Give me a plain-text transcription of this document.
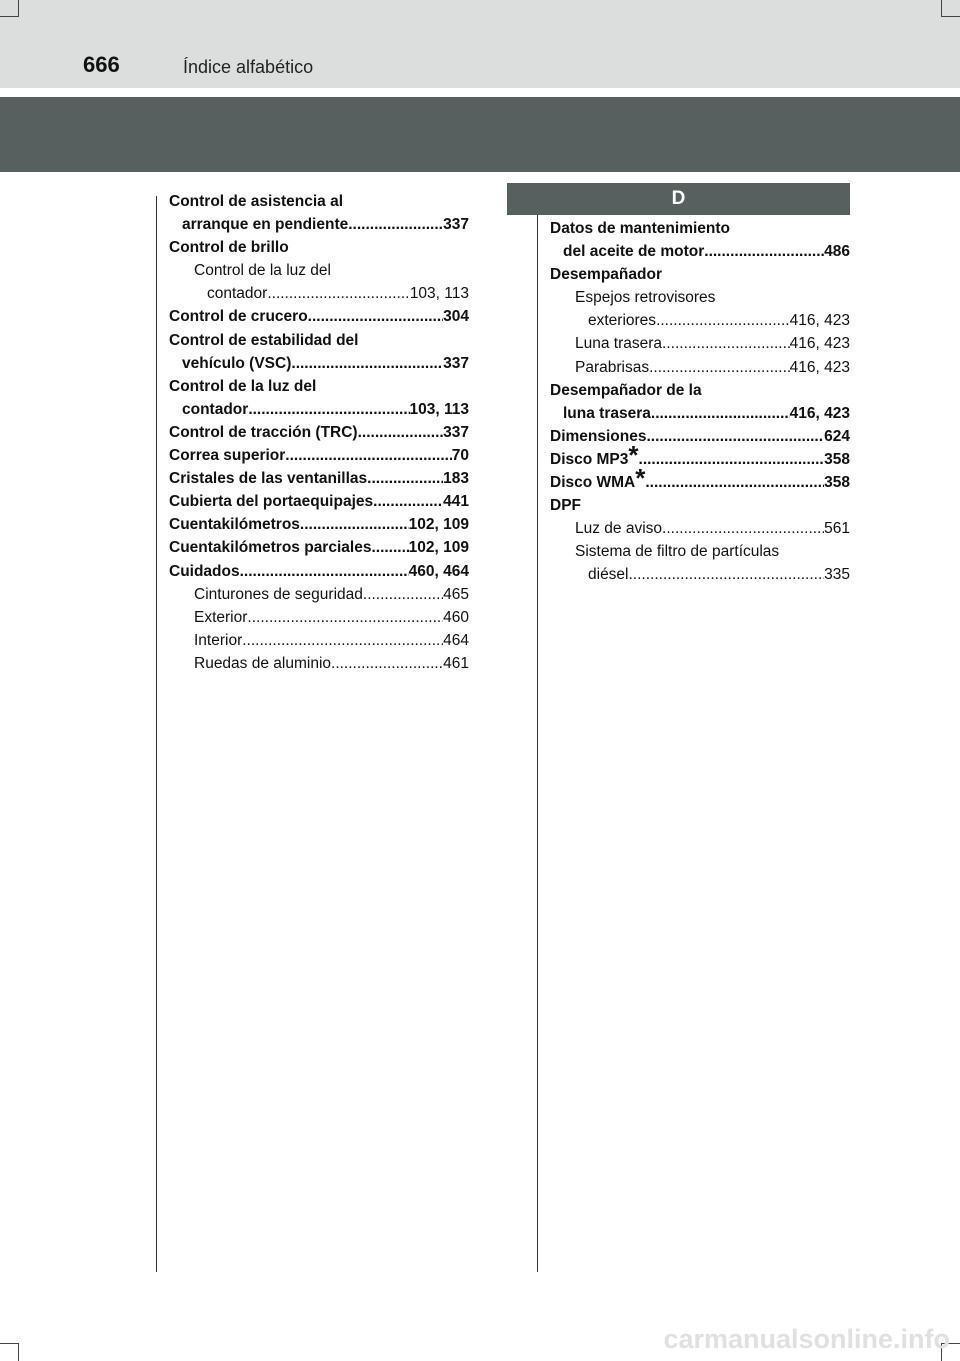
666	Índice alfabético
D
Control de asistencia al
arranque en pendiente .....	337
Control de brillo
Control de la luz del
contador .....	103, 113
Control de crucero .....	304
Control de estabilidad del
vehículo (VSC) .....	337
Control de la luz del
contador .....	103, 113
Control de tracción (TRC) .....	337
Correa superior .....	70
Cristales de las ventanillas .....	183
Cubierta del portaequipajes .....	441
Cuentakilómetros .....	102, 109
Cuentakilómetros parciales ..... 102, 109
Cuidados .....	460, 464
Cinturones de seguridad .....	465
Exterior .....	460
Interior .....	464
Ruedas de aluminio .....	461
Datos de mantenimiento
del aceite de motor .....	486
Desempañador
Espejos retrovisores
exteriores .....	416, 423
Luna trasera .....	416, 423
Parabrisas .....	416, 423
Desempañador de la
luna trasera .....	416, 423
Dimensiones .....	624
Disco MP3 * .....	358
Disco WMA * .....	358
DPF
Luz de aviso .....	561
Sistema de filtro de partículas
diésel .....	335
carmanualsonline.info
